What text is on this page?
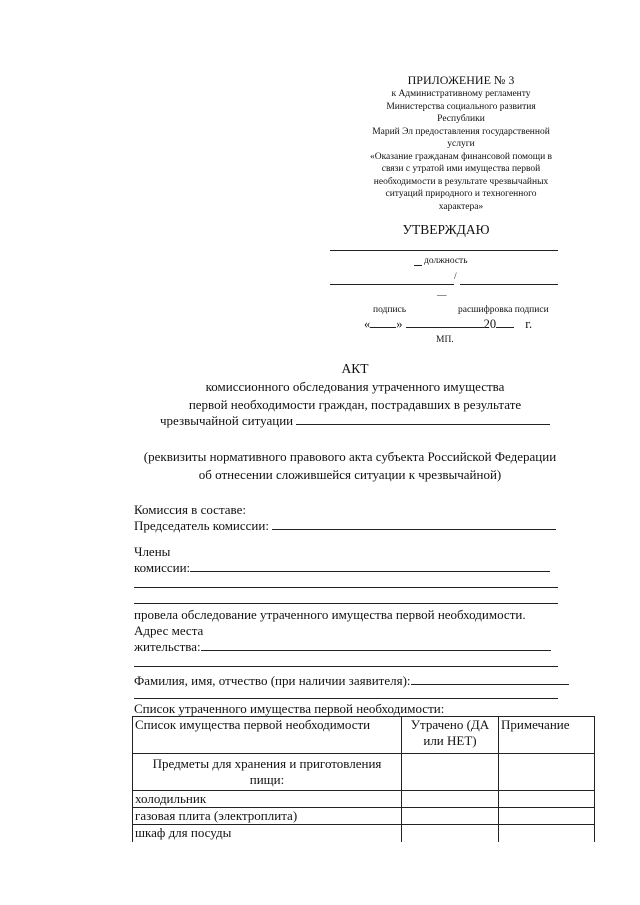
ПРИЛОЖЕНИЕ № 3
к Административному регламенту
Министерства социального развития
Республики
Марий Эл предоставления государственной
услуги
«Оказание гражданам финансовой помощи в
связи с утратой ими имущества первой
необходимости в результате чрезвычайных
ситуаций природного и техногенного
характера»
УТВЕРЖДАЮ
должность
/
—
подпись	расшифровка подписи
« »	20 г.
МП.
АКТ
комиссионного обследования утраченного имущества
первой необходимости граждан, пострадавших в результате
чрезвычайной ситуации
(реквизиты нормативного правового акта субъекта Российской Федерации
об отнесении сложившейся ситуации к чрезвычайной)
Комиссия в составе:
Председатель комиссии:
Члены
комиссии:
провела обследование утраченного имущества первой необходимости.
Адрес места
жительства:
Фамилия, имя, отчество (при наличии заявителя):
Список утраченного имущества первой необходимости:
Список имущества первой необходимости	Утрачено (ДА или НЕТ)	Примечание
Предметы для хранения и приготовления пищи:		
холодильник		
газовая плита (электроплита)		
шкаф для посуды		
